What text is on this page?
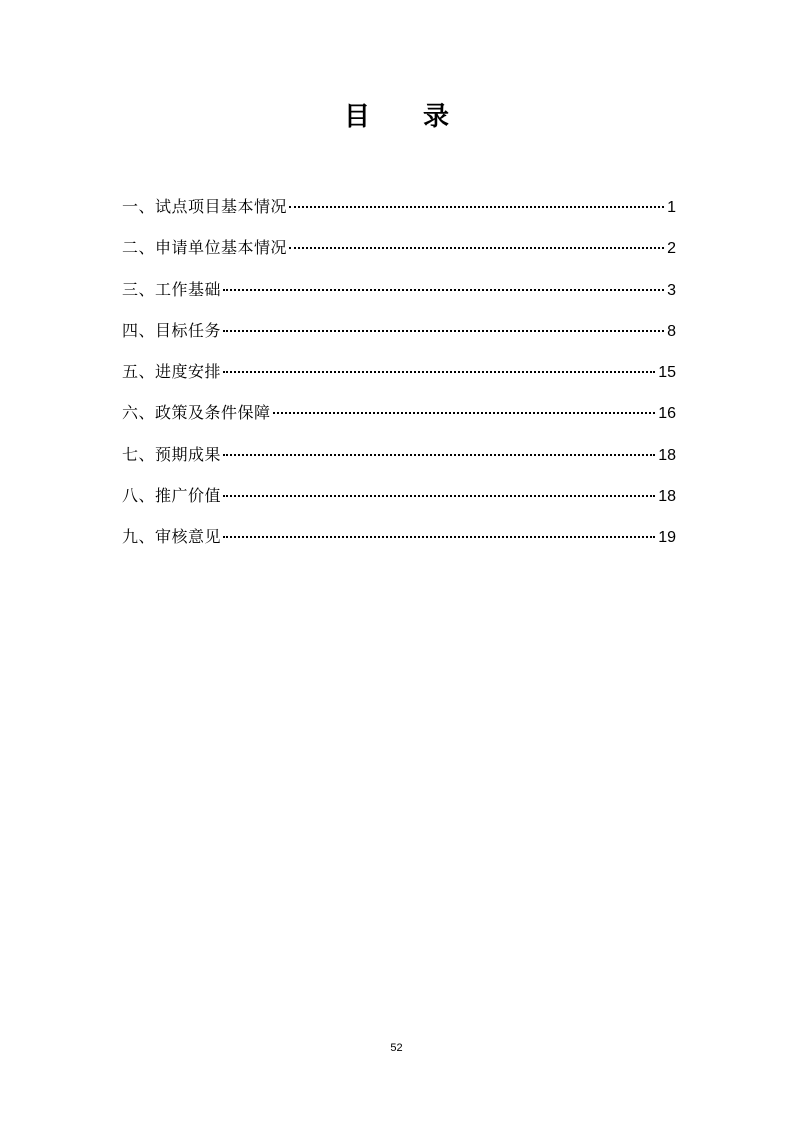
目 录
一、试点项目基本情况	1
二、申请单位基本情况	2
三、工作基础	3
四、目标任务	8
五、进度安排	15
六、政策及条件保障	16
七、预期成果	18
八、推广价值	18
九、审核意见	19
52
